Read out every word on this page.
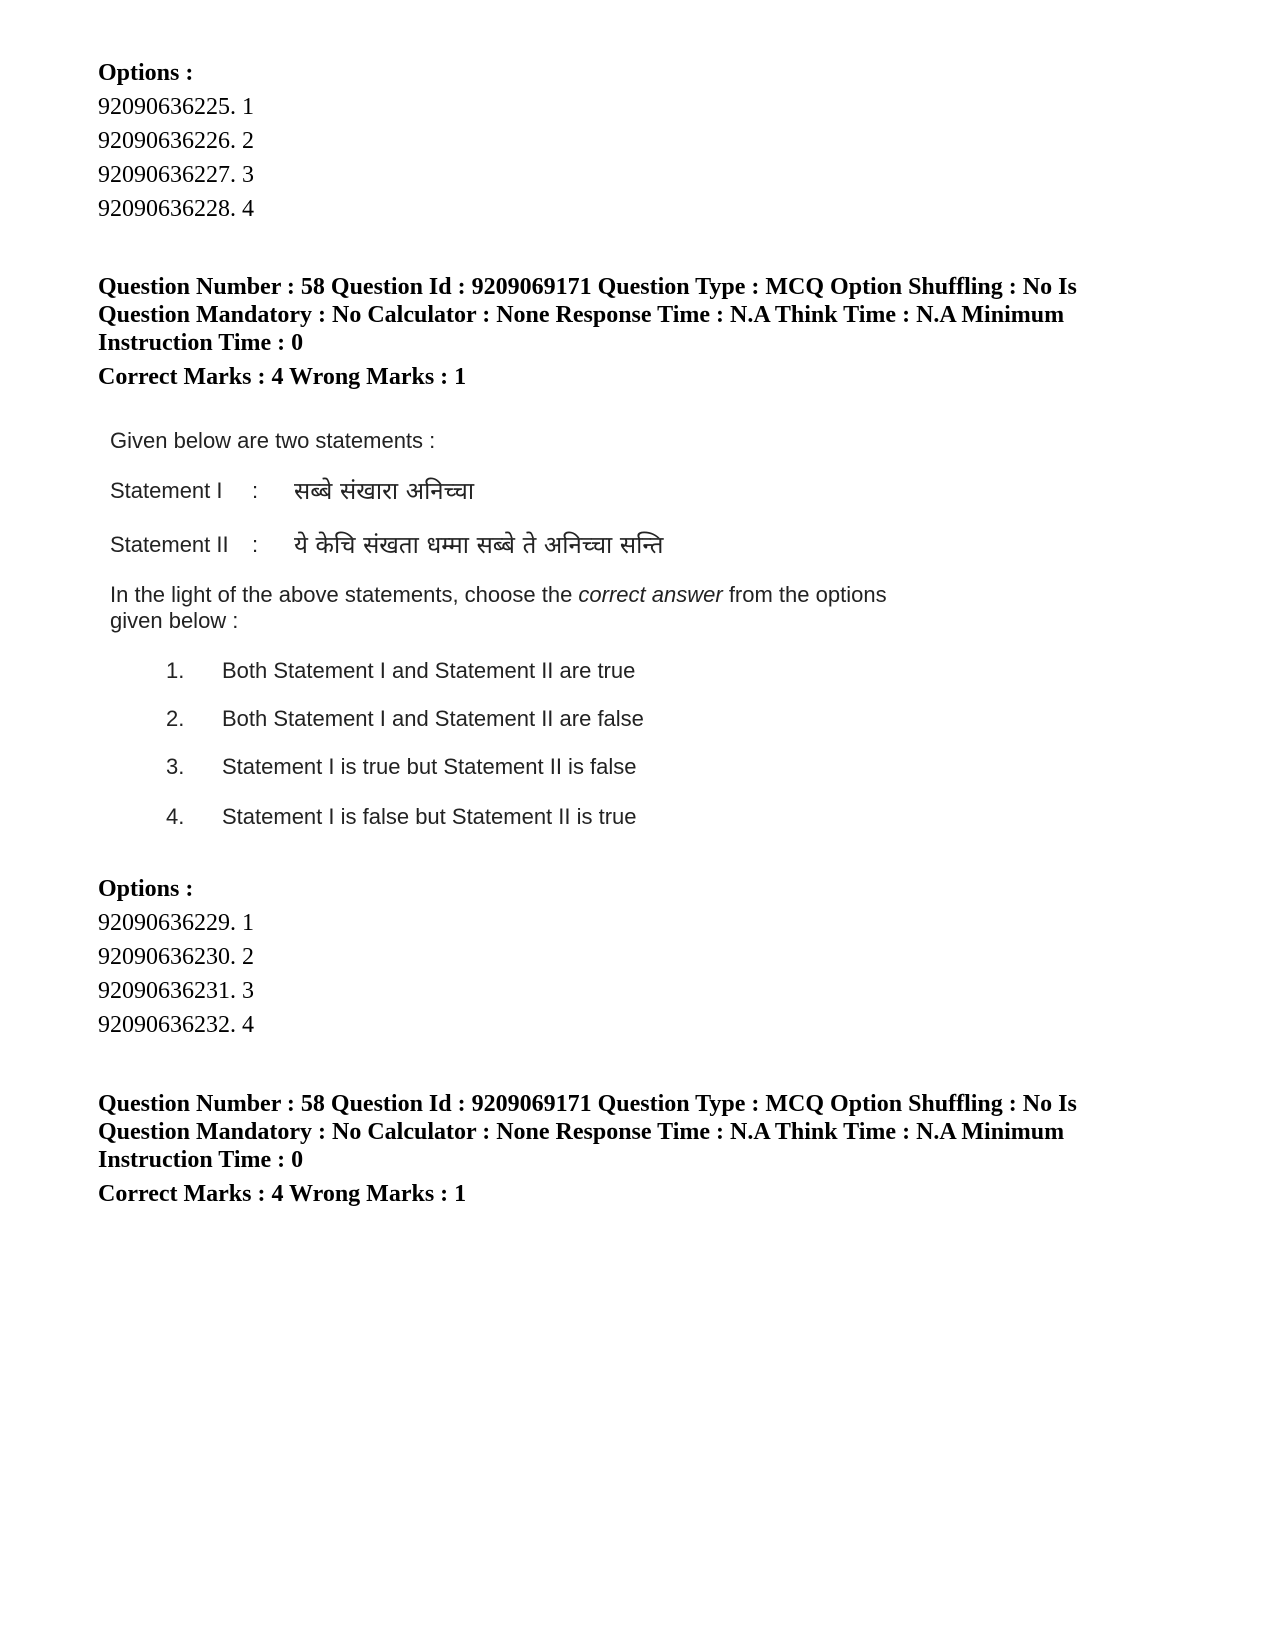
Options :
92090636225. 1
92090636226. 2
92090636227. 3
92090636228. 4

Question Number : 58 Question Id : 9209069171 Question Type : MCQ Option Shuffling : No Is

Question Mandatory : No Calculator : None Response Time : N.A Think Time : N.A Minimum

Instruction Time : 0

Correct Marks : 4 Wrong Marks : 1

Given below are two statements :
Statement I : सब्बे संखारा अनिच्चा
Statement II : ये केचि संखता धम्मा सब्बे ते अनिच्चा सन्ति
In the light of the above statements, choose the correct answer from the options
given below :
1. Both Statement I and Statement II are true
2. Both Statement I and Statement II are false
3. Statement I is true but Statement II is false
4. Statement I is false but Statement II is true
Options :
92090636229. 1
92090636230. 2
92090636231. 3
92090636232. 4

Question Number : 58 Question Id : 9209069171 Question Type : MCQ Option Shuffling : No Is

Question Mandatory : No Calculator : None Response Time : N.A Think Time : N.A Minimum

Instruction Time : 0

Correct Marks : 4 Wrong Marks : 1
